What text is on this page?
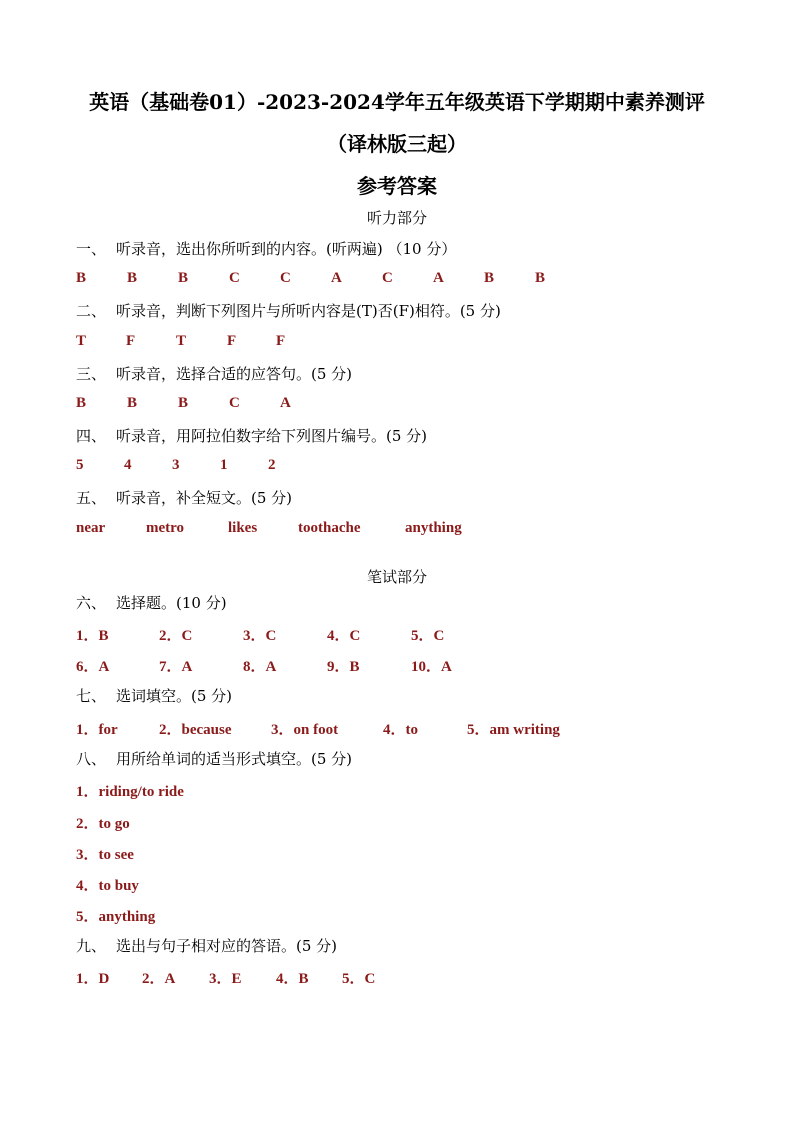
英语（基础卷01）-2023-2024学年五年级英语下学期期中素养测评
（译林版三起）
参考答案
听力部分
一、 听录音，选出你所听到的内容。(听两遍) （10 分）
B	B	B	C	C	A	C	A	B	B
二、 听录音，判断下列图片与所听内容是(T)否(F)相符。(5 分)
T	F	T	F	F
三、 听录音，选择合适的应答句。(5 分)
B	B	B	C	A
四、 听录音，用阿拉伯数字给下列图片编号。(5 分)
5	4	3	1	2
五、 听录音，补全短文。(5 分)
near	metro	likes	toothache	anything
笔试部分
六、 选择题。(10 分)
1．B	2．C	3．C	4．C	5．C
6．A	7．A	8．A	9．B	10．A
七、 选词填空。(5 分)
1．for	2．because	3．on foot	4．to	5．am writing
八、 用所给单词的适当形式填空。(5 分)
1．riding/to ride
2．to go
3．to see
4．to buy
5．anything
九、 选出与句子相对应的答语。(5 分)
1．D 2．A 3．E 4．B 5．C
